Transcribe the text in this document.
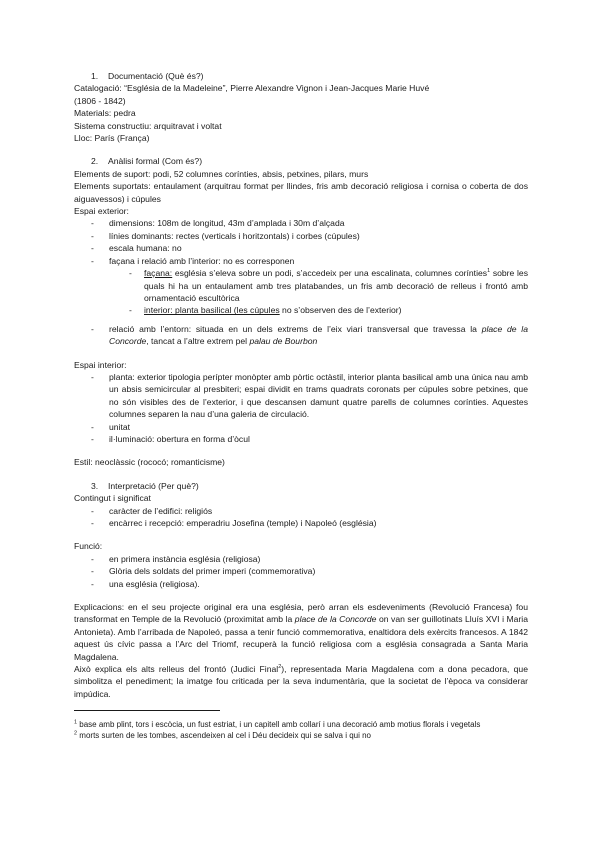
1. Documentació (Què és?)

Catalogació: “Església de la Madeleine”, Pierre Alexandre Vignon i Jean-Jacques Marie Huvé

(1806 - 1842)

Materials: pedra

Sistema constructiu: arquitravat i voltat

Lloc: París (França)

2. Anàlisi formal (Com és?)

Elements de suport: podi, 52 columnes corínties, absis, petxines, pilars, murs

Elements suportats: entaulament (arquitrau format per llindes, fris amb decoració religiosa i cornisa o coberta de dos aiguavessos) i cúpules

Espai exterior:

- dimensions: 108m de longitud, 43m d’amplada i 30m d’alçada
- línies dominants: rectes (verticals i horitzontals) i corbes (cúpules)
- escala humana: no
- façana i relació amb l’interior: no es corresponen
- façana: església s’eleva sobre un podi, s’accedeix per una escalinata, columnes corínties$^1$ sobre les quals hi ha un entaulament amb tres platabandes, un fris amb decoració de relleus i frontó amb ornamentació escultòrica
- interior: planta basilical (les cúpules no s’observen des de l’exterior)
- relació amb l’entorn: situada en un dels extrems de l’eix viari transversal que travessa la place de la Concorde, tancat a l’altre extrem pel palau de Bourbon

Espai interior:

- planta: exterior tipologia perípter monòpter amb pòrtic octàstil, interior planta basilical amb una única nau amb un absis semicircular al presbiteri; espai dividit en trams quadrats coronats per cúpules sobre petxines, que no són visibles des de l’exterior, i que descansen damunt quatre parells de columnes corínties. Aquestes columnes separen la nau d’una galeria de circulació.
- unitat
- il·luminació: obertura en forma d’òcul

Estil: neoclàssic (rococó; romanticisme)

3. Interpretació (Per què?)

Contingut i significat

- caràcter de l’edifici: religiós
- encàrrec i recepció: emperadriu Josefina (temple) i Napoleó (església)

Funció:

- en primera instància església (religiosa)
- Glòria dels soldats del primer imperi (commemorativa)
- una església (religiosa).

Explicacions: en el seu projecte original era una església, però arran els esdeveniments (Revolució Francesa) fou transformat en Temple de la Revolució (proximitat amb la place de la Concorde on van ser guillotinats Lluís XVI i Maria Antonieta). Amb l’arribada de Napoleó, passa a tenir funció commemorativa, enaltidora dels exèrcits francesos. A 1842 aquest ús cívic passa a l’Arc del Triomf, recuperà la funció religiosa com a església consagrada a Santa Maria Magdalena.

Això explica els alts relleus del frontó (Judici Final$^2$), representada Maria Magdalena com a dona pecadora, que simbolitza el penediment; la imatge fou criticada per la seva indumentària, que la societat de l’època va considerar impúdica.

$^1$ base amb plint, tors i escòcia, un fust estriat, i un capitell amb collarí i una decoració amb motius florals i vegetals

$^2$ morts surten de les tombes, ascendeixen al cel i Déu decideix qui se salva i qui no
